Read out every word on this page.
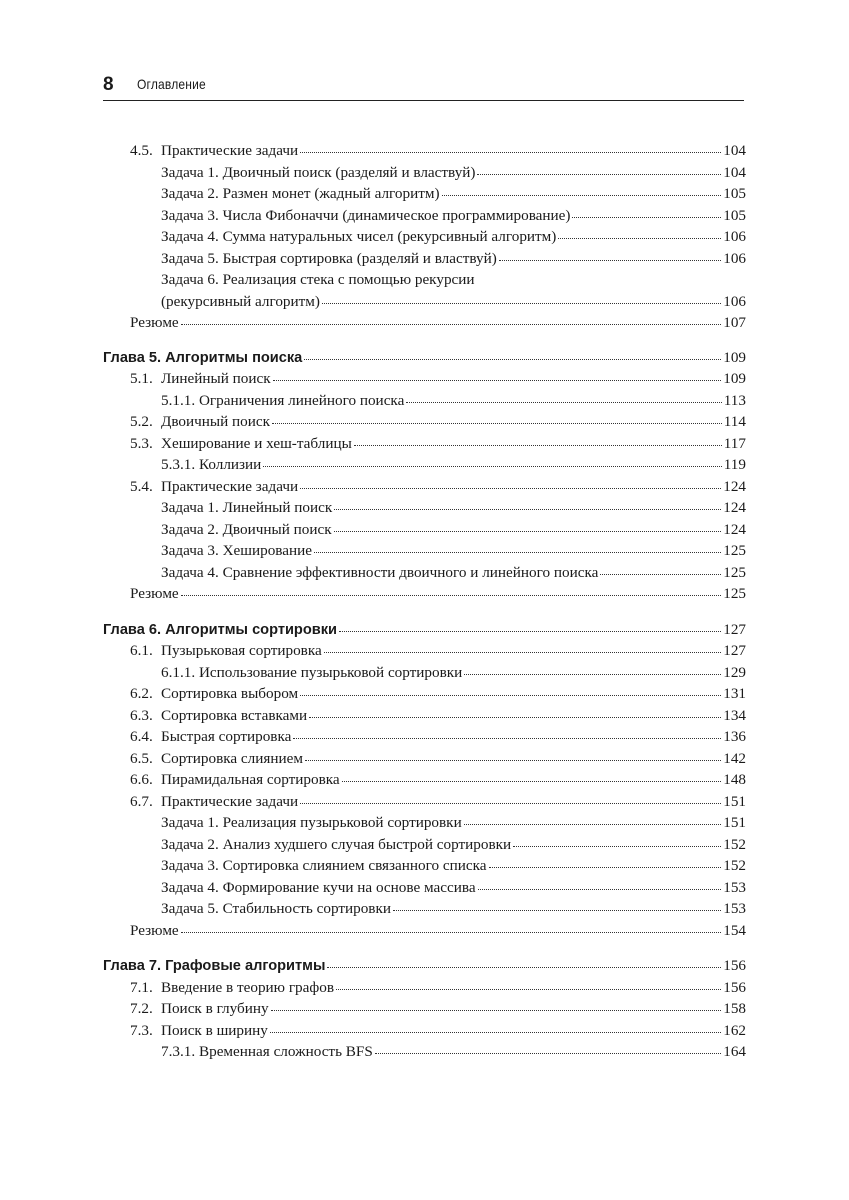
8 Оглавление
4.5. Практические задачи	104
Задача 1. Двоичный поиск (разделяй и властвуй)	104
Задача 2. Размен монет (жадный алгоритм)	105
Задача 3. Числа Фибоначчи (динамическое программирование)	105
Задача 4. Сумма натуральных чисел (рекурсивный алгоритм)	106
Задача 5. Быстрая сортировка (разделяй и властвуй)	106
Задача 6. Реализация стека с помощью рекурсии
(рекурсивный алгоритм)	106
Резюме	107
Глава 5. Алгоритмы поиска	109
5.1. Линейный поиск	109
5.1.1. Ограничения линейного поиска	113
5.2. Двоичный поиск	114
5.3. Хеширование и хеш-таблицы	117
5.3.1. Коллизии	119
5.4. Практические задачи	124
Задача 1. Линейный поиск	124
Задача 2. Двоичный поиск	124
Задача 3. Хеширование	125
Задача 4. Сравнение эффективности двоичного и линейного поиска	125
Резюме	125
Глава 6. Алгоритмы сортировки	127
6.1. Пузырьковая сортировка	127
6.1.1. Использование пузырьковой сортировки	129
6.2. Сортировка выбором	131
6.3. Сортировка вставками	134
6.4. Быстрая сортировка	136
6.5. Сортировка слиянием	142
6.6. Пирамидальная сортировка	148
6.7. Практические задачи	151
Задача 1. Реализация пузырьковой сортировки	151
Задача 2. Анализ худшего случая быстрой сортировки	152
Задача 3. Сортировка слиянием связанного списка	152
Задача 4. Формирование кучи на основе массива	153
Задача 5. Стабильность сортировки	153
Резюме	154
Глава 7. Графовые алгоритмы	156
7.1. Введение в теорию графов	156
7.2. Поиск в глубину	158
7.3. Поиск в ширину	162
7.3.1. Временная сложность BFS	164
